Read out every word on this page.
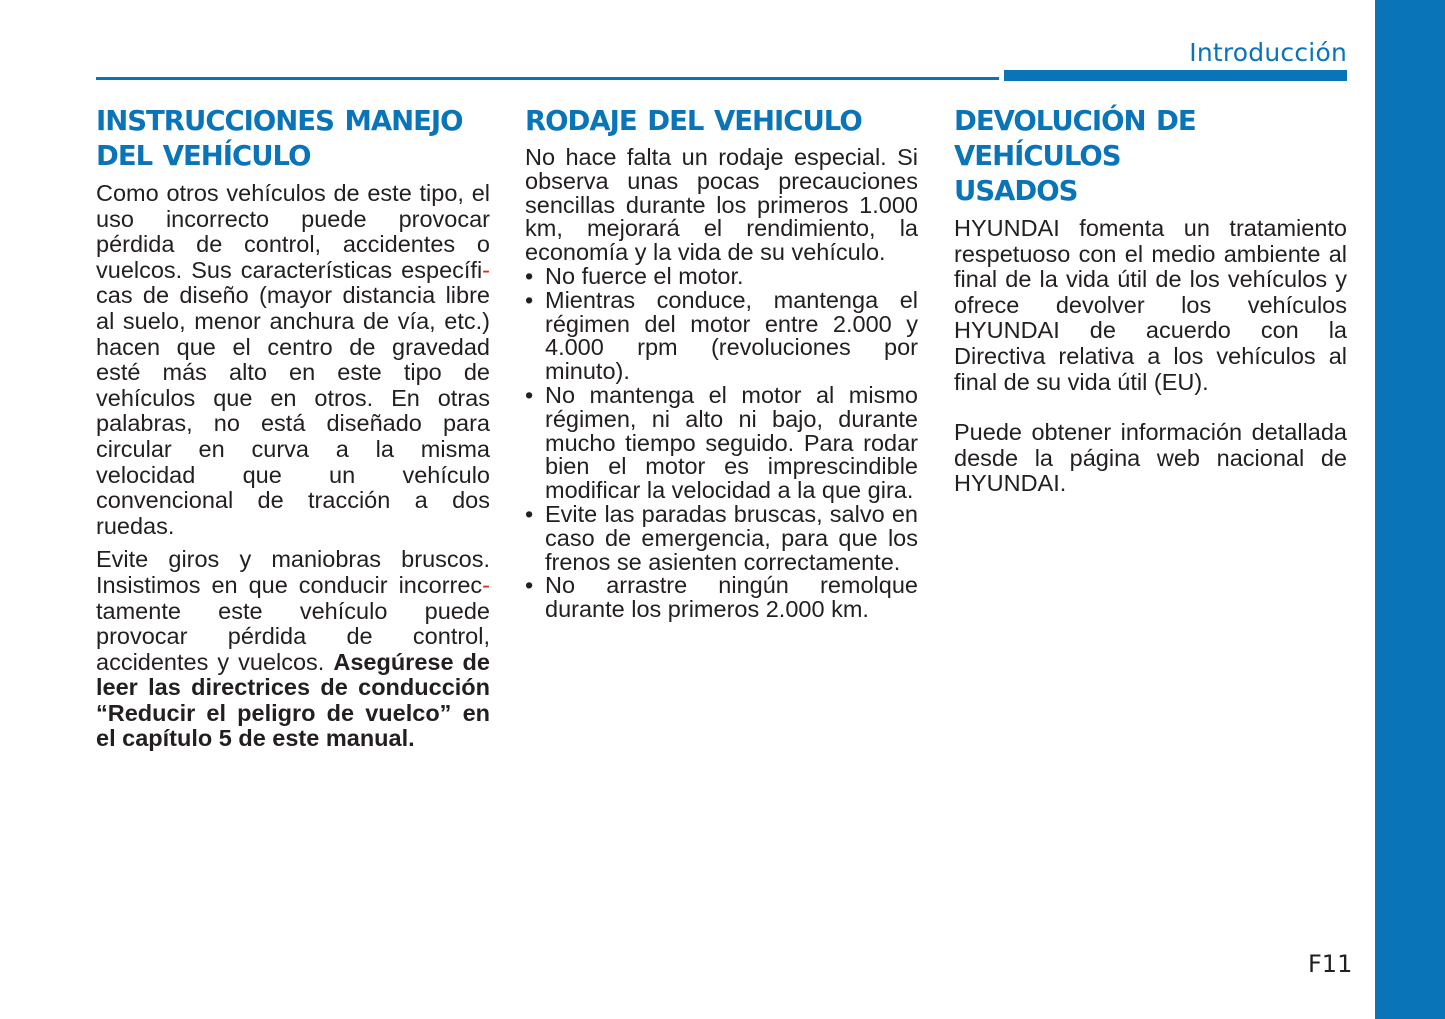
Introducción
INSTRUCCIONES MANEJO
DEL VEHÍCULO

Como otros vehículos de este tipo, el uso incorrecto puede provocar pérdida de control, accidentes o vuelcos. Sus características específi-cas de diseño (mayor distancia libre al suelo, menor anchura de vía, etc.) hacen que el centro de gravedad esté más alto en este tipo de vehículos que en otros. En otras palabras, no está diseñado para circular en curva a la misma velocidad que un vehículo convencional de tracción a dos ruedas.

Evite giros y maniobras bruscos. Insistimos en que conducir incorrec-tamente este vehículo puede provocar pérdida de control, accidentes y vuelcos. Asegúrese de leer las directrices de conducción “Reducir el peligro de vuelco” en el capítulo 5 de este manual.

RODAJE DEL VEHICULO

No hace falta un rodaje especial. Si observa unas pocas precauciones sencillas durante los primeros 1.000 km, mejorará el rendimiento, la economía y la vida de su vehículo.

• No fuerce el motor.
• Mientras conduce, mantenga el régimen del motor entre 2.000 y 4.000 rpm (revoluciones por minuto).
• No mantenga el motor al mismo régimen, ni alto ni bajo, durante mucho tiempo seguido. Para rodar bien el motor es imprescindible modificar la velocidad a la que gira.
• Evite las paradas bruscas, salvo en caso de emergencia, para que los frenos se asienten correctamente.
• No arrastre ningún remolque durante los primeros 2.000 km.
DEVOLUCIÓN DE VEHÍCULOS
USADOS

HYUNDAI fomenta un tratamiento respetuoso con el medio ambiente al final de la vida útil de los vehículos y ofrece devolver los vehículos HYUNDAI de acuerdo con la Directiva relativa a los vehículos al final de su vida útil (EU).

Puede obtener información detallada desde la página web nacional de HYUNDAI.

F11
